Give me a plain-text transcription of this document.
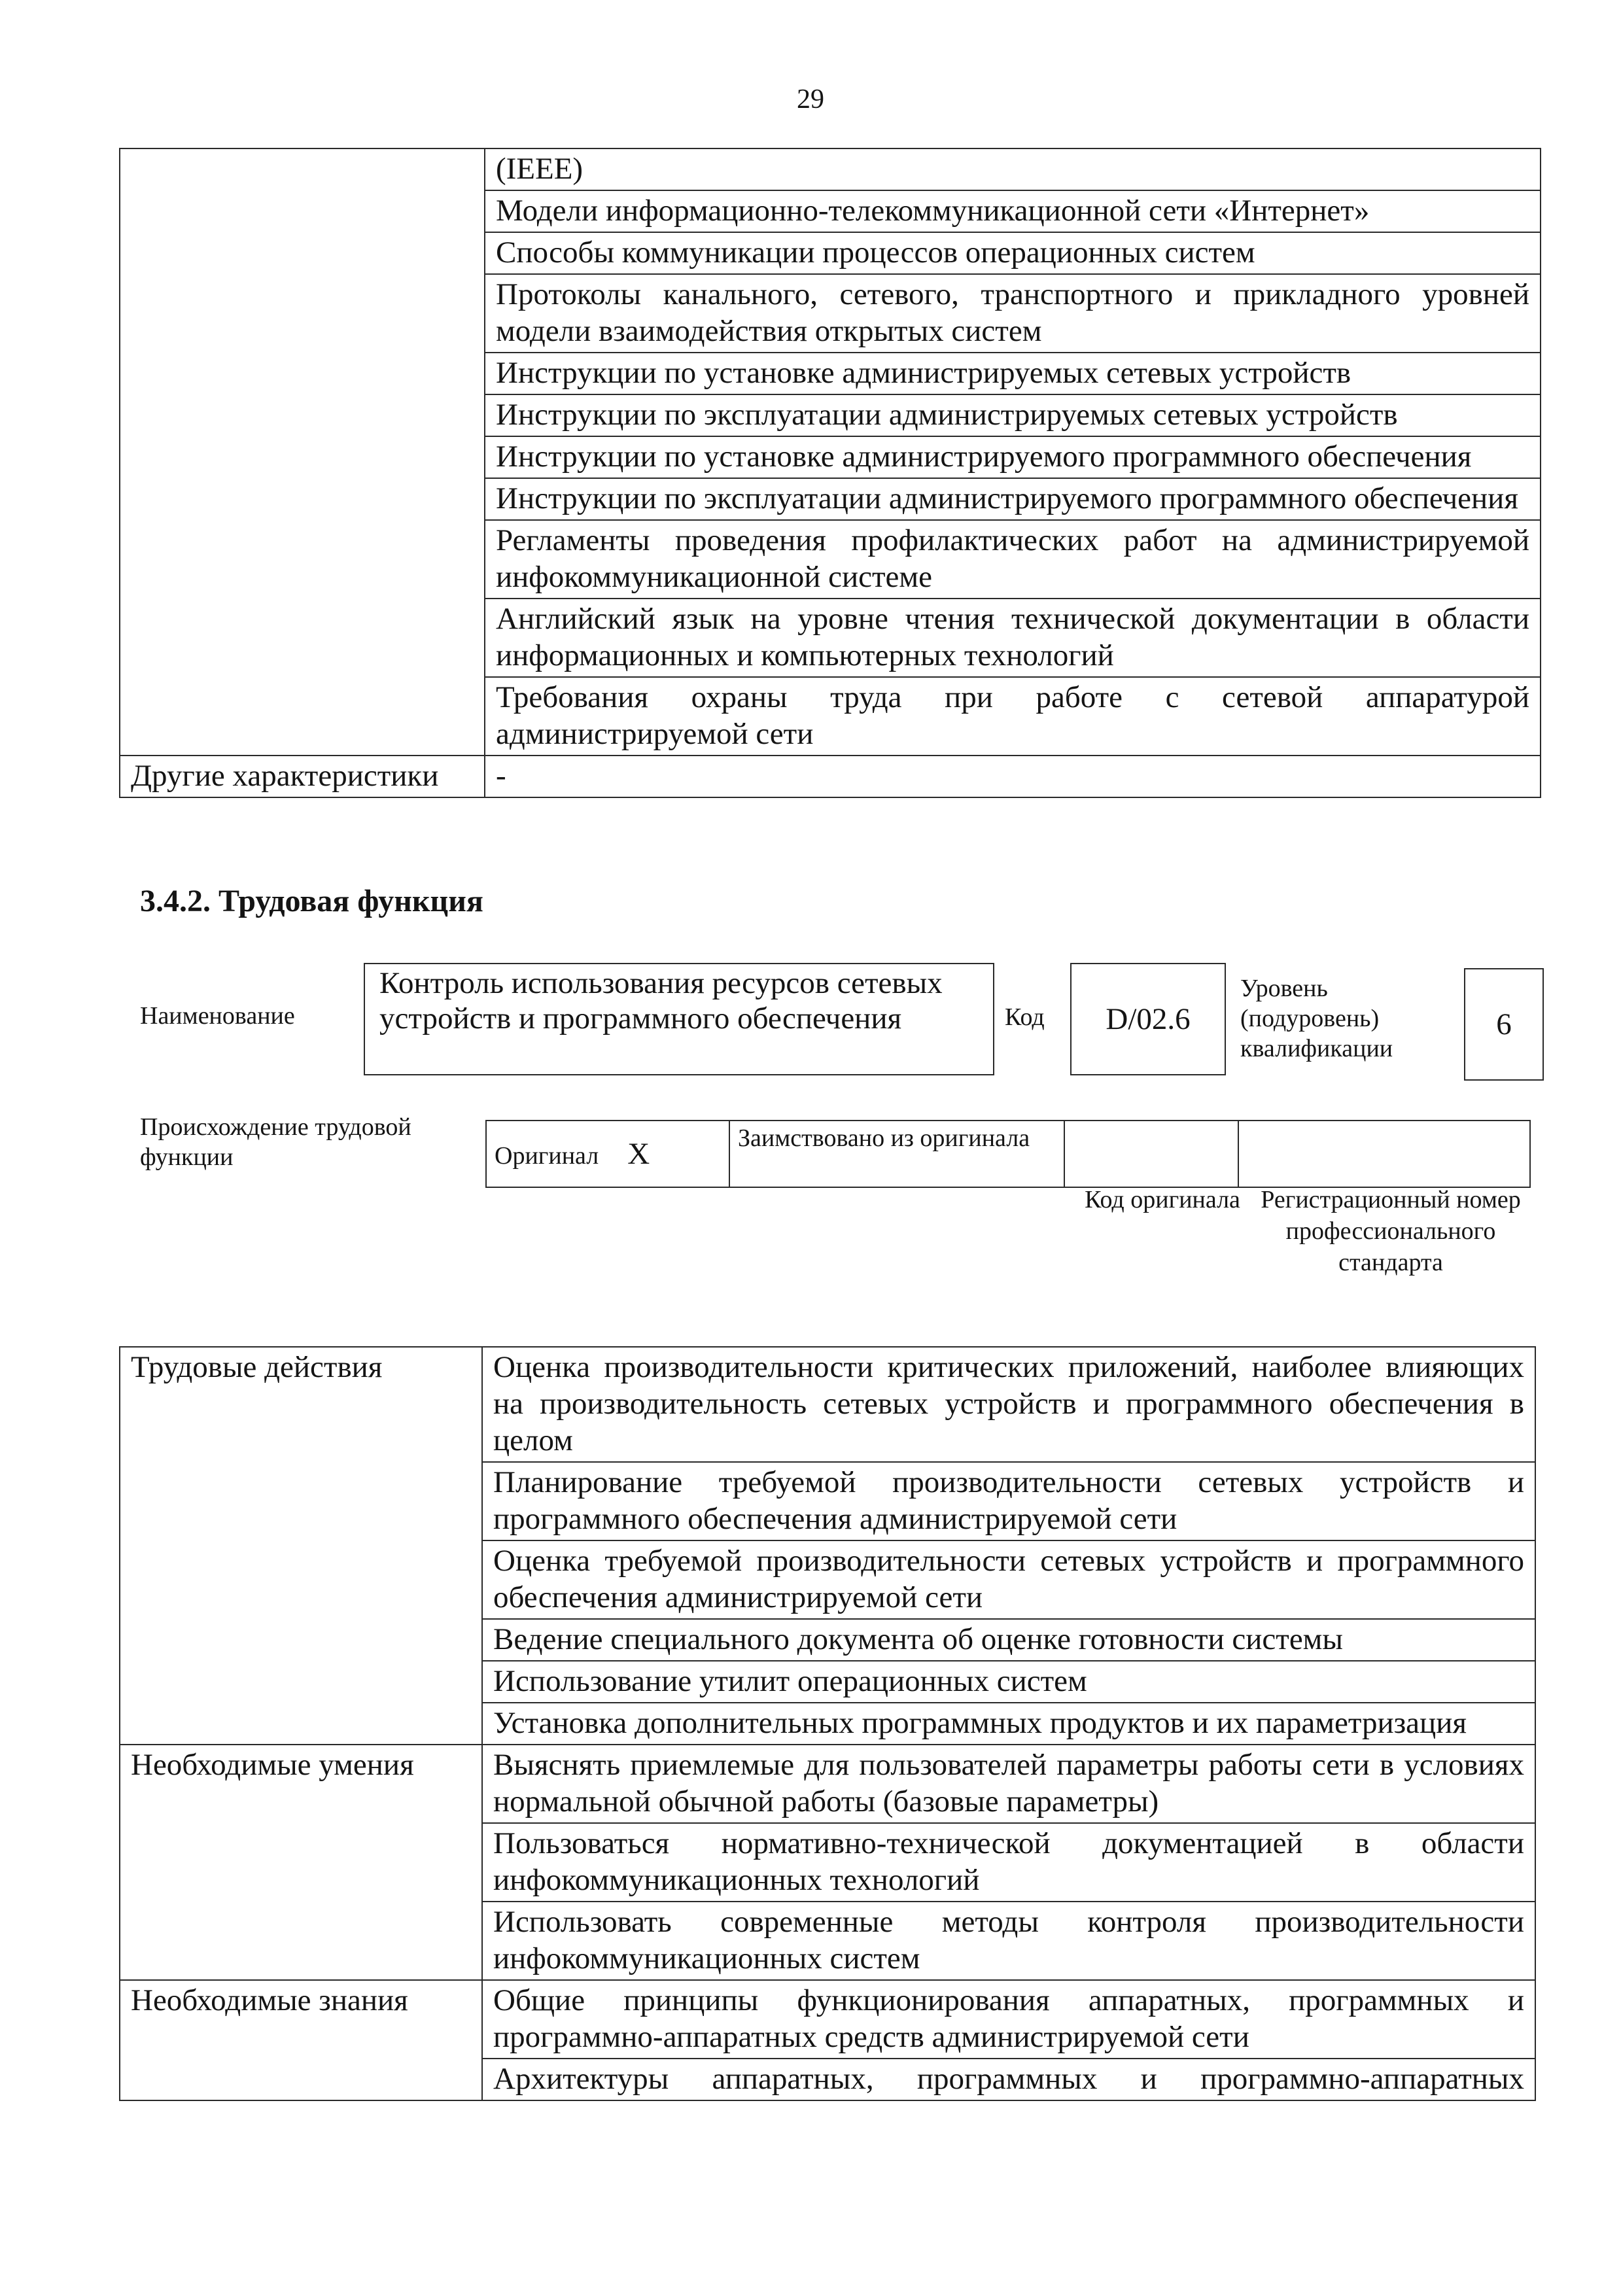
29
	(IEEE)
	Модели информационно-телекоммуникационной сети «Интернет»
	Способы коммуникации процессов операционных систем
	Протоколы канального, сетевого, транспортного и прикладного уровней модели взаимодействия открытых систем
	Инструкции по установке администрируемых сетевых устройств
	Инструкции по эксплуатации администрируемых сетевых устройств
	Инструкции по установке администрируемого программного обеспечения
	Инструкции по эксплуатации администрируемого программного обеспечения
	Регламенты проведения профилактических работ на администрируемой инфокоммуникационной системе
	Английский язык на уровне чтения технической документации в области информационных и компьютерных технологий
	Требования охраны труда при работе с сетевой аппаратурой администрируемой сети
Другие характеристики	-
3.4.2. Трудовая функция
Наименование
Контроль использования ресурсов сетевых устройств и программного обеспечения	Код D/02.6
Уровень (подуровень) квалификации
6
Происхождение трудовой функции	Оригинал X	Заимствовано из оригинала		
Код оригинала Регистрационный номер профессионального стандарта
Трудовые действия	Оценка производительности критических приложений, наиболее влияющих на производительность сетевых устройств и программного обеспечения в целом
	Планирование требуемой производительности сетевых устройств и программного обеспечения администрируемой сети
	Оценка требуемой производительности сетевых устройств и программного обеспечения администрируемой сети
	Ведение специального документа об оценке готовности системы
	Использование утилит операционных систем
	Установка дополнительных программных продуктов и их параметризация
Необходимые умения	Выяснять приемлемые для пользователей параметры работы сети в условиях нормальной обычной работы (базовые параметры)
	Пользоваться нормативно-технической документацией в области инфокоммуникационных технологий
	Использовать современные методы контроля производительности инфокоммуникационных систем
Необходимые знания	Общие принципы функционирования аппаратных, программных и программно-аппаратных средств администрируемой сети
	Архитектуры аппаратных, программных и программно-аппаратных
